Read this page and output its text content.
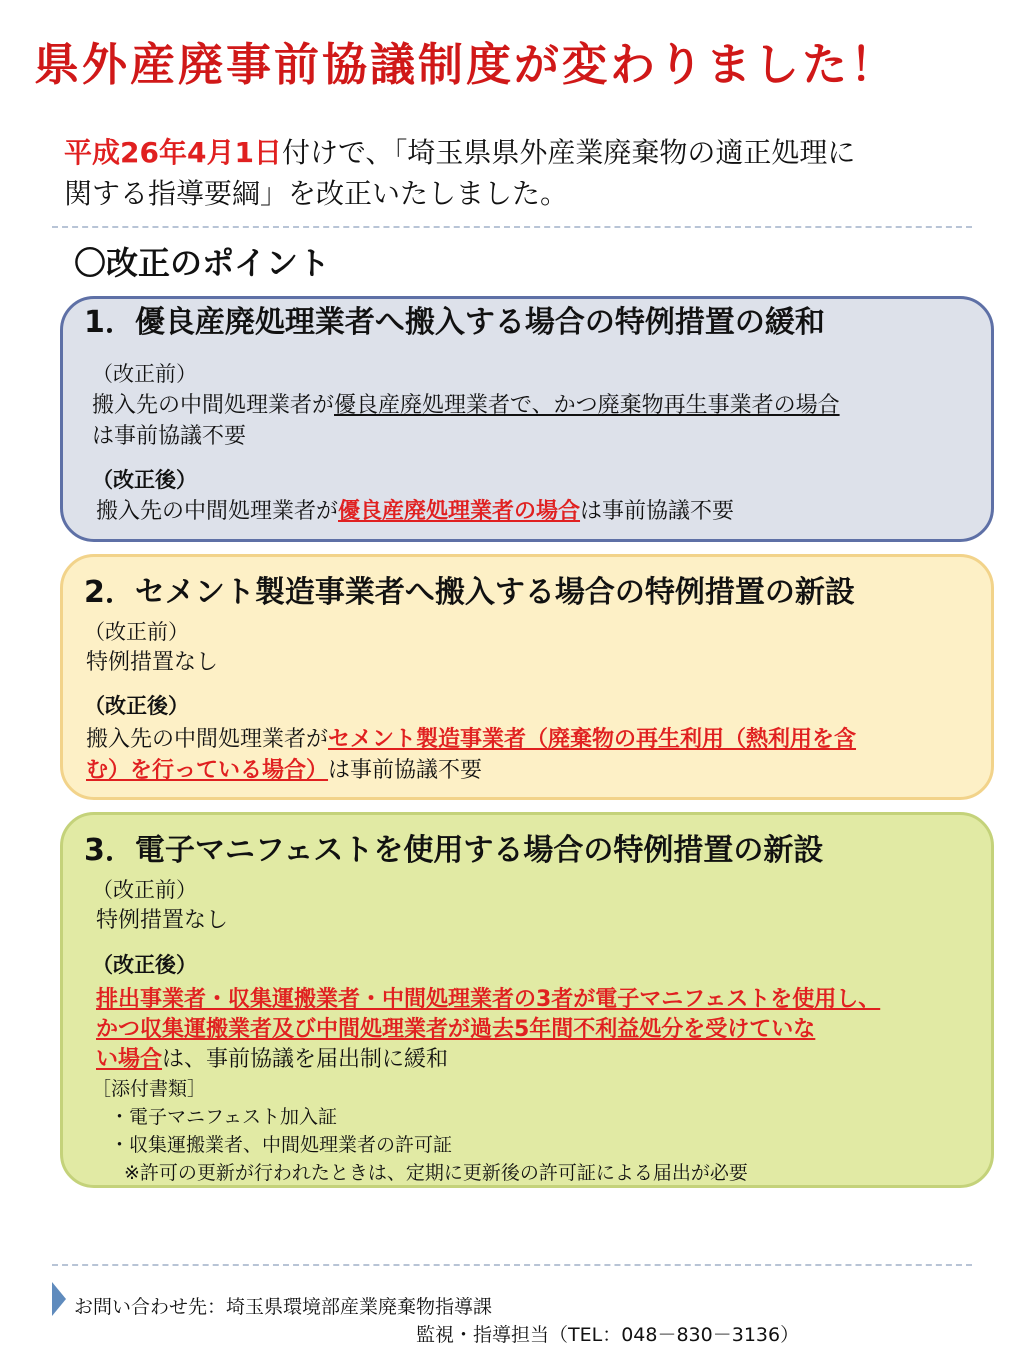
県外産廃事前協議制度が変わりました！
平成26年4月1日付けで、「埼玉県県外産業廃棄物の適正処理に
関する指導要綱」を改正いたしました。
〇改正のポイント
1．優良産廃処理業者へ搬入する場合の特例措置の緩和
（改正前）
搬入先の中間処理業者が優良産廃処理業者で、かつ廃棄物再生事業者の場合
は事前協議不要
（改正後）
搬入先の中間処理業者が優良産廃処理業者の場合は事前協議不要
2．セメント製造事業者へ搬入する場合の特例措置の新設
（改正前）
特例措置なし
（改正後）
搬入先の中間処理業者がセメント製造事業者（廃棄物の再生利用（熱利用を含
む）を行っている場合）は事前協議不要
3．電子マニフェストを使用する場合の特例措置の新設
（改正前）
特例措置なし
（改正後）
排出事業者・収集運搬業者・中間処理業者の3者が電子マニフェストを使用し、
かつ収集運搬業者及び中間処理業者が過去5年間不利益処分を受けていな
い場合は、事前協議を届出制に緩和
［添付書類］
・電子マニフェスト加入証
・収集運搬業者、中間処理業者の許可証
※許可の更新が行われたときは、定期に更新後の許可証による届出が必要
お問い合わせ先：埼玉県環境部産業廃棄物指導課
監視・指導担当（TEL：048－830－3136）
